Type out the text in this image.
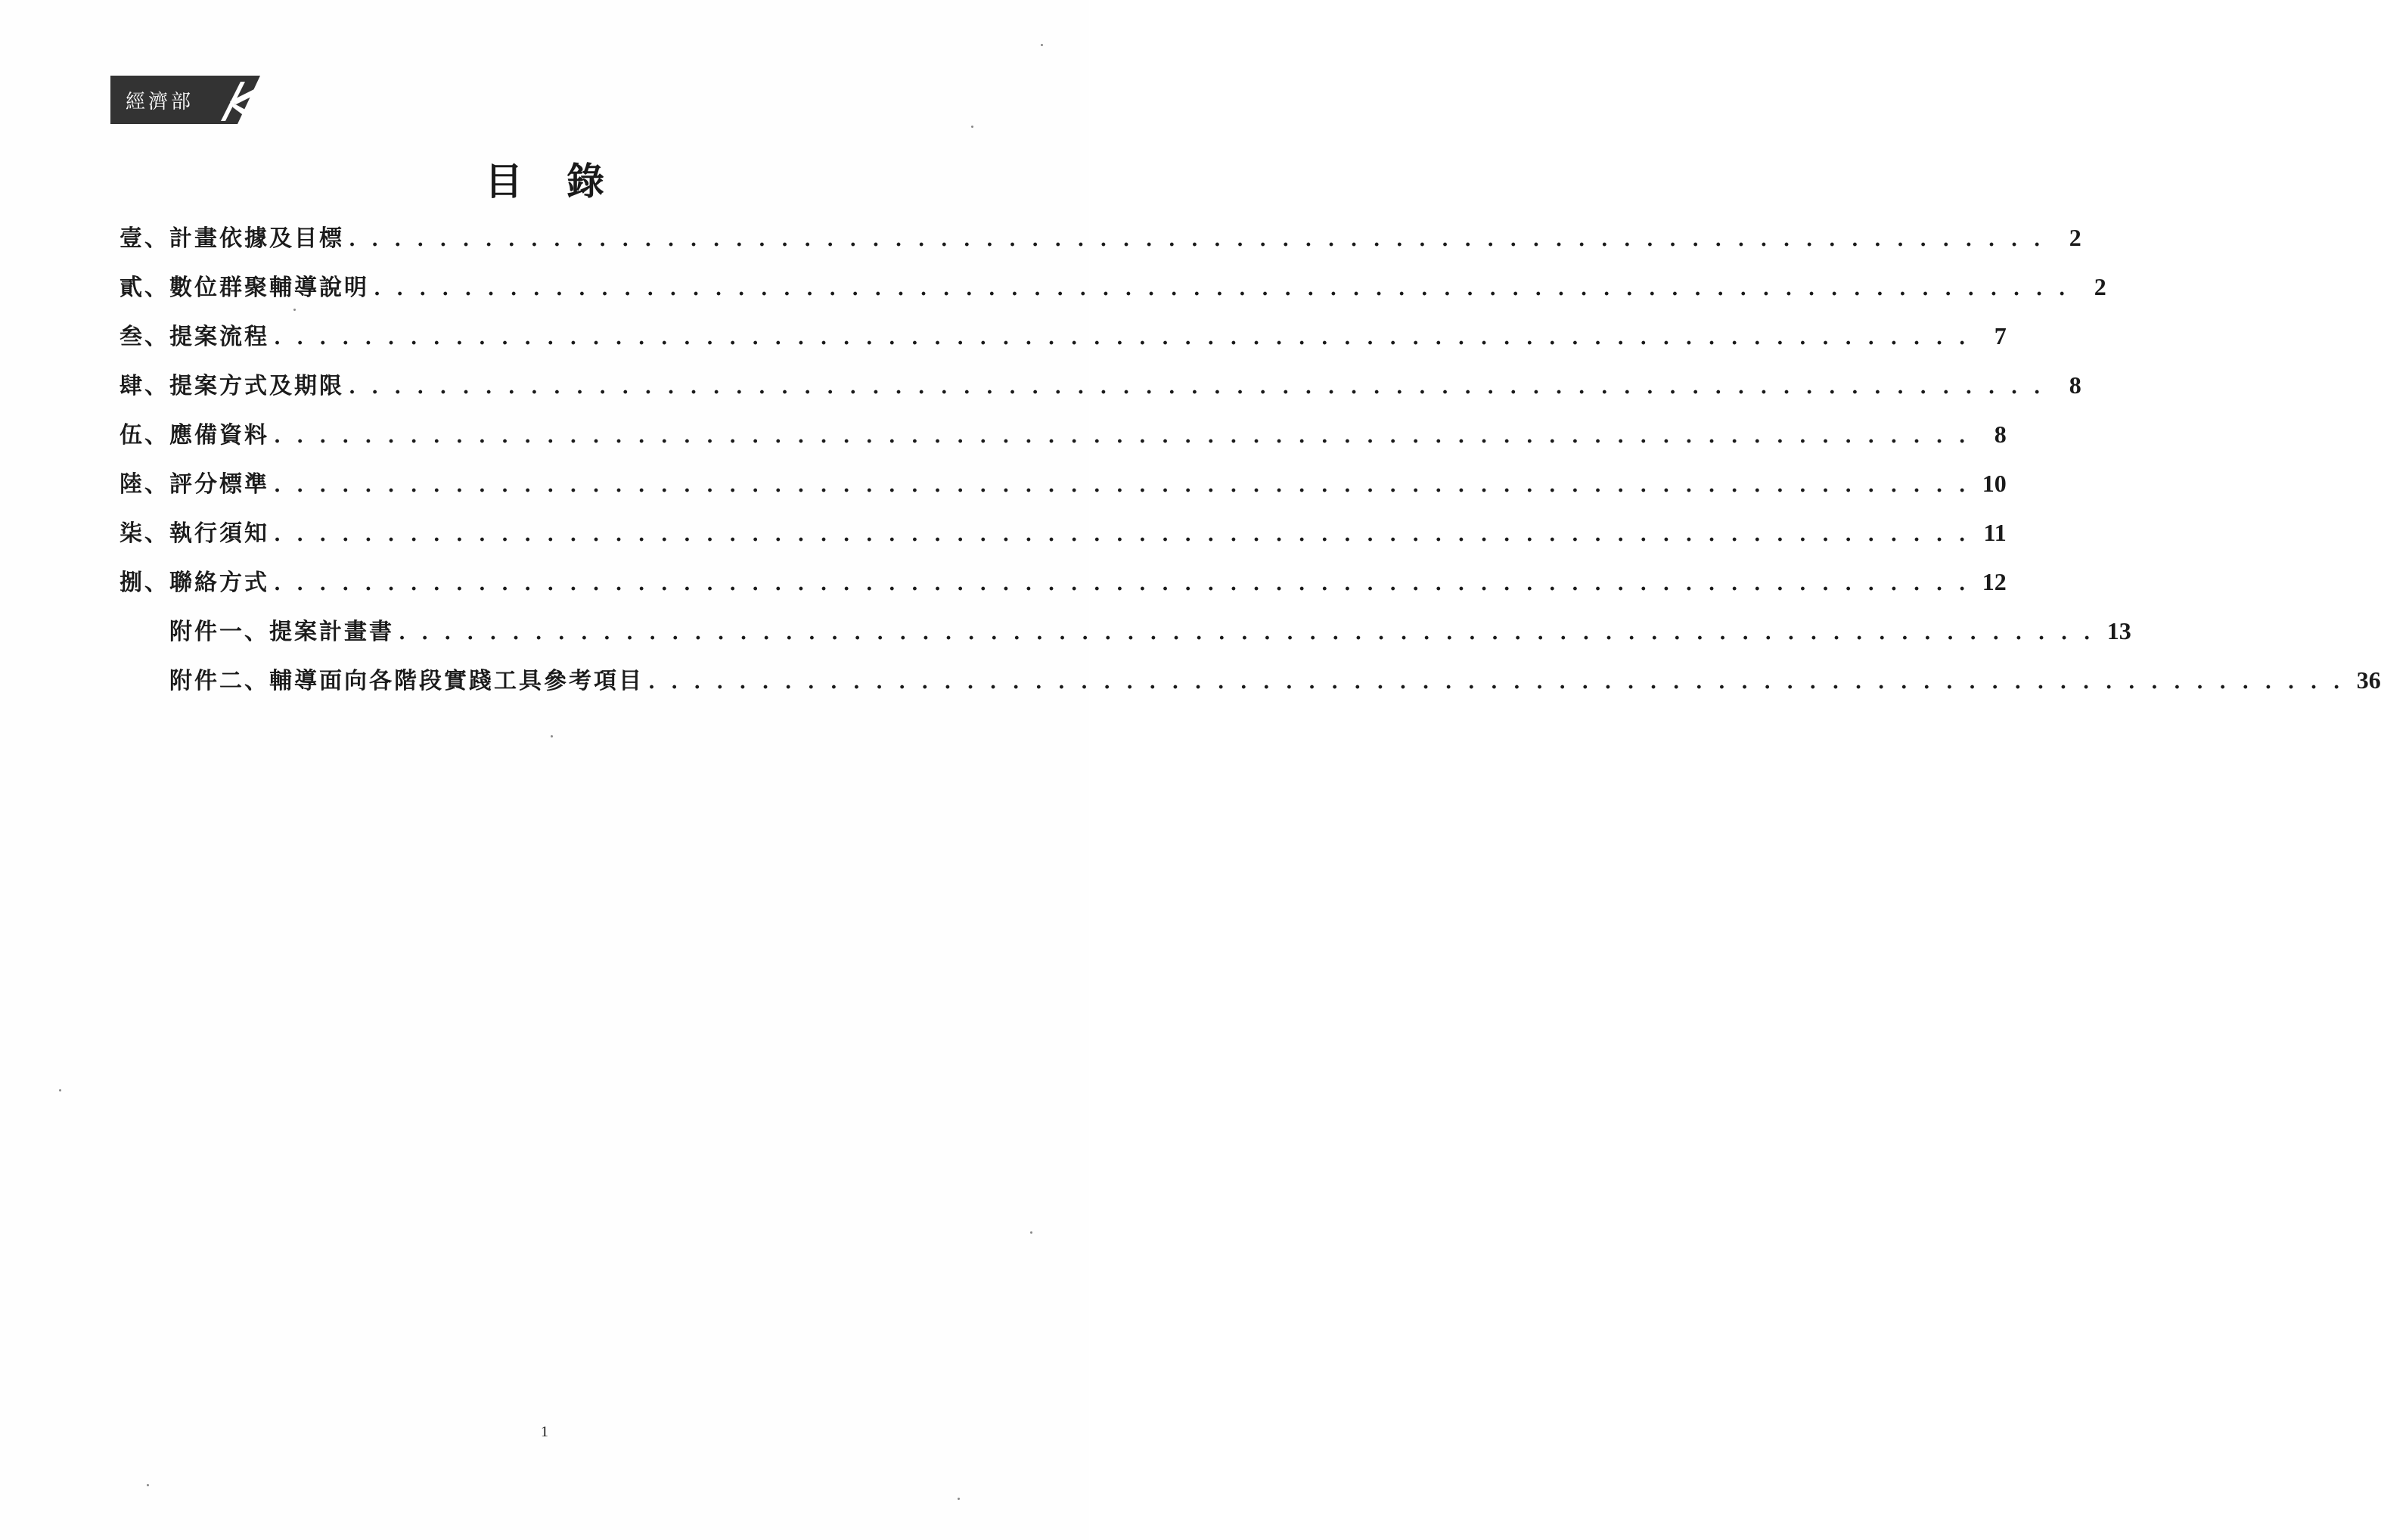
經濟部
目錄
壹、計畫依據及目標 . . . . . . . . . . . . . . . . . . . . . . . . . . . . . . . . . . . . . . . . . . . . . . . . . . . . . . . . . . . . . . . . . . . . . . . . . . .	2
貳、數位群聚輔導說明 . . . . . . . . . . . . . . . . . . . . . . . . . . . . . . . . . . . . . . . . . . . . . . . . . . . . . . . . . . . . . . . . . . . . . . . . . . .	2
叁、提案流程 . . . . . . . . . . . . . . . . . . . . . . . . . . . . . . . . . . . . . . . . . . . . . . . . . . . . . . . . . . . . . . . . . . . . . . . . . . .	7
肆、提案方式及期限 . . . . . . . . . . . . . . . . . . . . . . . . . . . . . . . . . . . . . . . . . . . . . . . . . . . . . . . . . . . . . . . . . . . . . . . . . . .	8
伍、應備資料 . . . . . . . . . . . . . . . . . . . . . . . . . . . . . . . . . . . . . . . . . . . . . . . . . . . . . . . . . . . . . . . . . . . . . . . . . . .	8
陸、評分標準 . . . . . . . . . . . . . . . . . . . . . . . . . . . . . . . . . . . . . . . . . . . . . . . . . . . . . . . . . . . . . . . . . . . . . . . . . . . 10
柒、執行須知 . . . . . . . . . . . . . . . . . . . . . . . . . . . . . . . . . . . . . . . . . . . . . . . . . . . . . . . . . . . . . . . . . . . . . . . . . . . 11
捌、聯絡方式 . . . . . . . . . . . . . . . . . . . . . . . . . . . . . . . . . . . . . . . . . . . . . . . . . . . . . . . . . . . . . . . . . . . . . . . . . . . 12
附件一、提案計畫書 . . . . . . . . . . . . . . . . . . . . . . . . . . . . . . . . . . . . . . . . . . . . . . . . . . . . . . . . . . . . . . . . . . . . . . . . . . . 13
附件二、輔導面向各階段實踐工具參考項目 . . . . . . . . . . . . . . . . . . . . . . . . . . . . . . . . . . . . . . . . . . . . . . . . . . . . . . . . . . . . . . . . . . . . . . . . . . . 36
1
